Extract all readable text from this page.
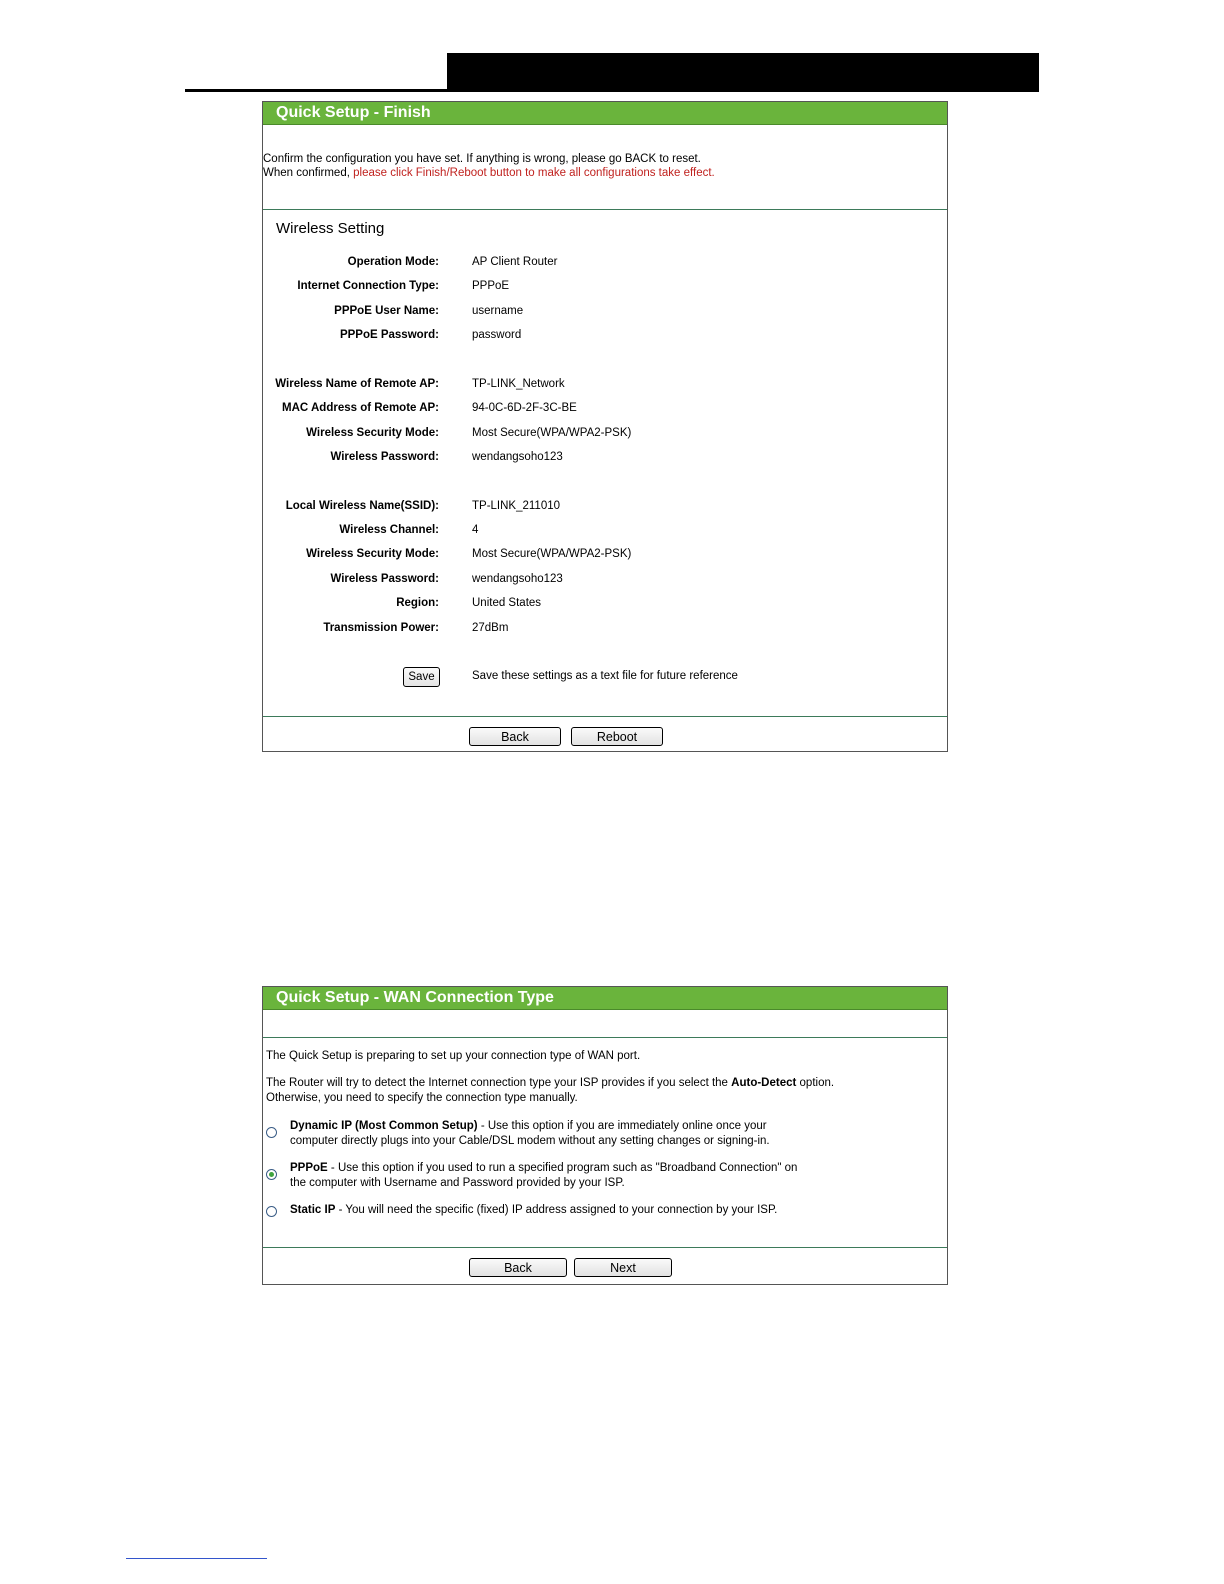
Quick Setup - Finish
Confirm the configuration you have set. If anything is wrong, please go BACK to reset.
When confirmed, please click Finish/Reboot button to make all configurations take effect.
Wireless Setting
Operation Mode:	AP Client Router
Internet Connection Type:	PPPoE
PPPoE User Name:	username
PPPoE Password:	password
Wireless Name of Remote AP:	TP-LINK_Network
MAC Address of Remote AP:	94-0C-6D-2F-3C-BE
Wireless Security Mode:	Most Secure(WPA/WPA2-PSK)
Wireless Password:	wendangsoho123
Local Wireless Name(SSID):	TP-LINK_211010
Wireless Channel:	4
Wireless Security Mode:	Most Secure(WPA/WPA2-PSK)
Wireless Password:	wendangsoho123
Region:	United States
Transmission Power:	27dBm
Save	Save these settings as a text file for future reference
Back	Reboot
Quick Setup - WAN Connection Type
The Quick Setup is preparing to set up your connection type of WAN port.
The Router will try to detect the Internet connection type your ISP provides if you select the Auto-Detect option.
Otherwise, you need to specify the connection type manually.
Dynamic IP (Most Common Setup) - Use this option if you are immediately online once your
computer directly plugs into your Cable/DSL modem without any setting changes or signing-in.
PPPoE - Use this option if you used to run a specified program such as "Broadband Connection" on
the computer with Username and Password provided by your ISP.
Static IP - You will need the specific (fixed) IP address assigned to your connection by your ISP.
Back	Next
